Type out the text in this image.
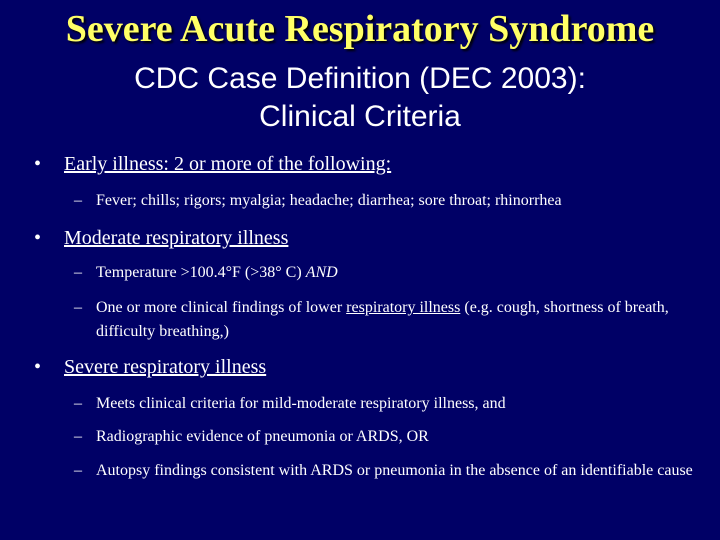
Severe Acute Respiratory Syndrome
CDC Case Definition (DEC 2003):
Clinical Criteria
• Early illness: 2 or more of the following:
– Fever; chills; rigors; myalgia; headache; diarrhea; sore throat; rhinorrhea
• Moderate respiratory illness
– Temperature >100.4°F (>38° C) AND
– One or more clinical findings of lower respiratory illness (e.g. cough, shortness of breath, difficulty breathing,)
• Severe respiratory illness
– Meets clinical criteria for mild-moderate respiratory illness, and
– Radiographic evidence of pneumonia or ARDS, OR
– Autopsy findings consistent with ARDS or pneumonia in the absence of an identifiable cause
